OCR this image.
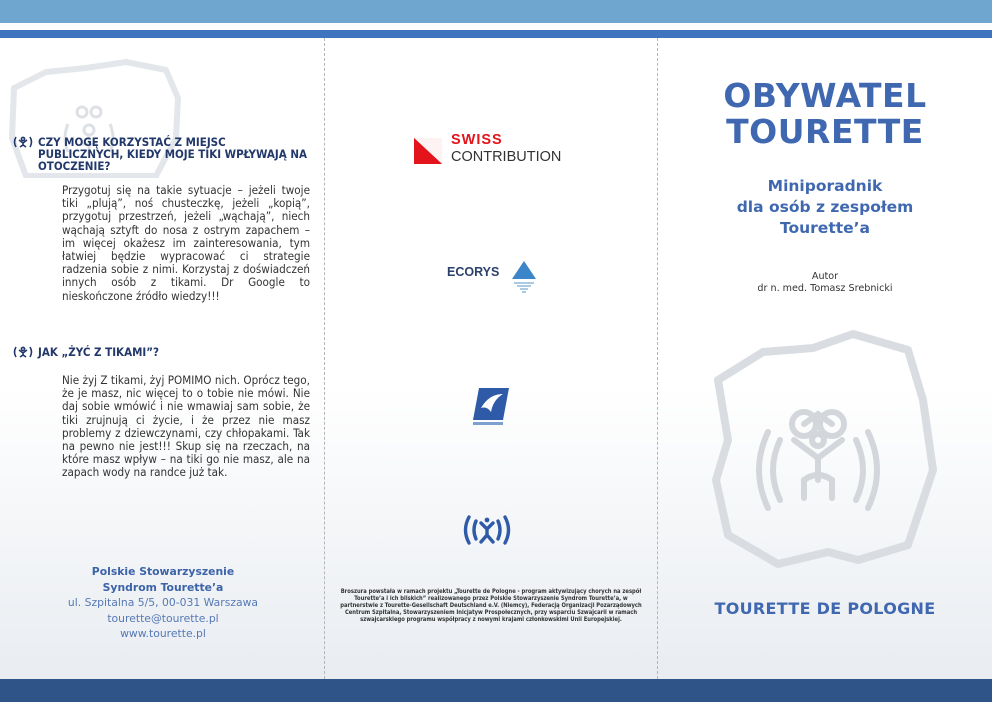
CZY MOGĘ KORZYSTAĆ Z MIEJSC PUBLICZNYCH, KIEDY MOJE TIKI WPŁYWAJĄ NA OTOCZENIE?

Przygotuj się na takie sytuacje – jeżeli twoje tiki „plują”, noś chusteczkę, jeżeli „kopią”, przygotuj przestrzeń, jeżeli „wąchają”, niech wąchają sztyft do nosa z ostrym zapachem – im więcej okażesz im zainteresowania, tym łatwiej będzie wypracować ci strategie radzenia sobie z nimi. Korzystaj z doświadczeń innych osób z tikami. Dr Google to nieskończone źródło wiedzy!!!

JAK „ŻYĆ Z TIKAMI”?

Nie żyj Z tikami, żyj POMIMO nich. Oprócz tego, że je masz, nic więcej to o tobie nie mówi. Nie daj sobie wmówić i nie wmawiaj sam sobie, że tiki zrujnują ci życie, i że przez nie masz problemy z dziewczynami, czy chłopakami. Tak na pewno nie jest!!! Skup się na rzeczach, na które masz wpływ – na tiki go nie masz, ale na zapach wody na randce już tak.

Polskie Stowarzyszenie
Syndrom Tourette’a
ul. Szpitalna 5/5, 00-031 Warszawa
tourette@tourette.pl
www.tourette.pl
SWISS
CONTRIBUTION
ECORYS

Broszura powstała w ramach projektu „Tourette de Pologne - program aktywizujący chorych na zespół Tourette’a i ich bliskich” realizowanego przez Polskie Stowarzyszenie Syndrom Tourette’a, w partnerstwie z Tourette-Gesellschaft Deutschland e.V. (Niemcy), Federacją Organizacji Pozarządowych Centrum Szpitalna, Stowarzyszeniem Inicjatyw Prospołecznych, przy wsparciu Szwajcarii w ramach szwajcarskiego programu współpracy z nowymi krajami członkowskimi Unii Europejskiej.

OBYWATEL
TOURETTE
Miniporadnik
dla osób z zespołem
Tourette’a
Autor
dr n. med. Tomasz Srebnicki
TOURETTE DE POLOGNE
